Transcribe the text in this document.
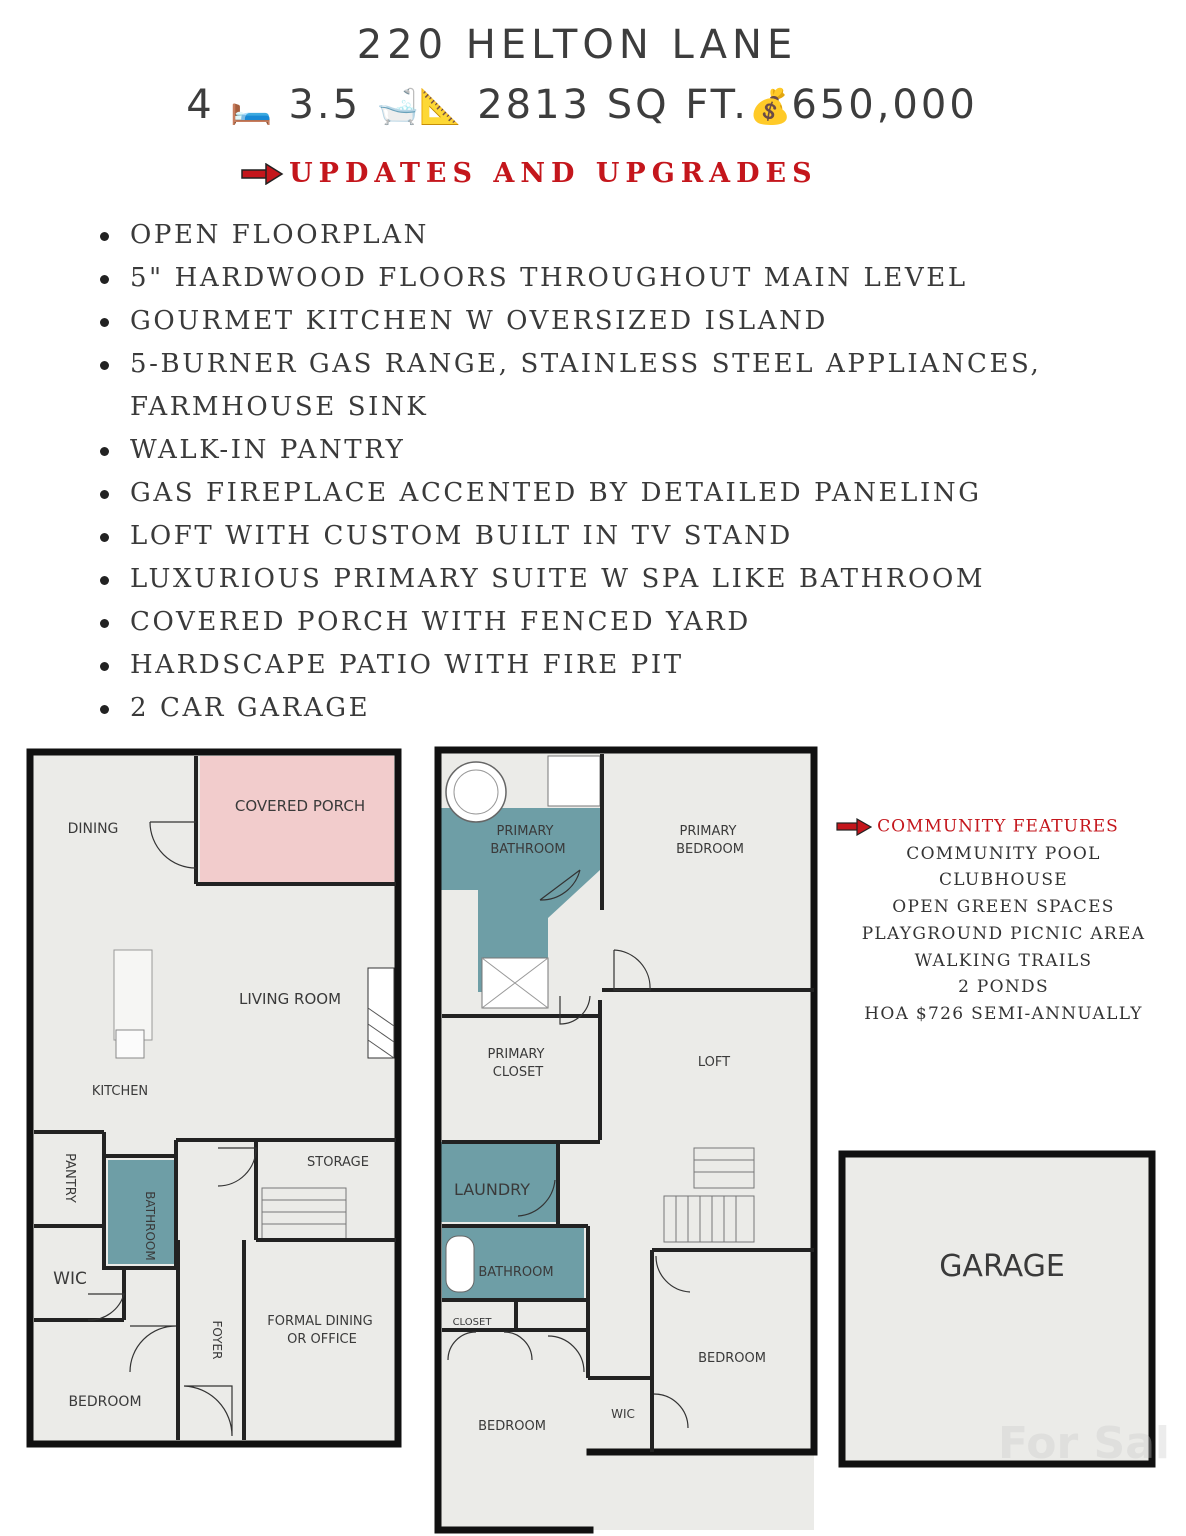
220 HELTON LANE
4 🛏️ 3.5 🛁📐 2813 SQ FT.💰650,000
UPDATES AND UPGRADES
OPEN FLOORPLAN
5" HARDWOOD FLOORS THROUGHOUT MAIN LEVEL
GOURMET KITCHEN W OVERSIZED ISLAND
5-BURNER GAS RANGE, STAINLESS STEEL APPLIANCES,
FARMHOUSE SINK
WALK-IN PANTRY
GAS FIREPLACE ACCENTED BY DETAILED PANELING
LOFT WITH CUSTOM BUILT IN TV STAND
LUXURIOUS PRIMARY SUITE W SPA LIKE BATHROOM
COVERED PORCH WITH FENCED YARD
HARDSCAPE PATIO WITH FIRE PIT
2 CAR GARAGE
DINING
COVERED PORCH
LIVING ROOM
KITCHEN
PANTRY
BATHROOM
STORAGE
WIC
FOYER	FORMAL DINING
OR OFFICE
BEDROOM
PRIMARY
BATHROOM
PRIMARY
BEDROOM
PRIMARY
CLOSET
LOFT
LAUNDRY
BATHROOM
CLOSET
BEDROOM
WIC
BEDROOM
GARAGE
COMMUNITY FEATURES
COMMUNITY POOL
CLUBHOUSE
OPEN GREEN SPACES
PLAYGROUND PICNIC AREA
WALKING TRAILS
2 PONDS
HOA $726 SEMI-ANNUALLY
For Sal
